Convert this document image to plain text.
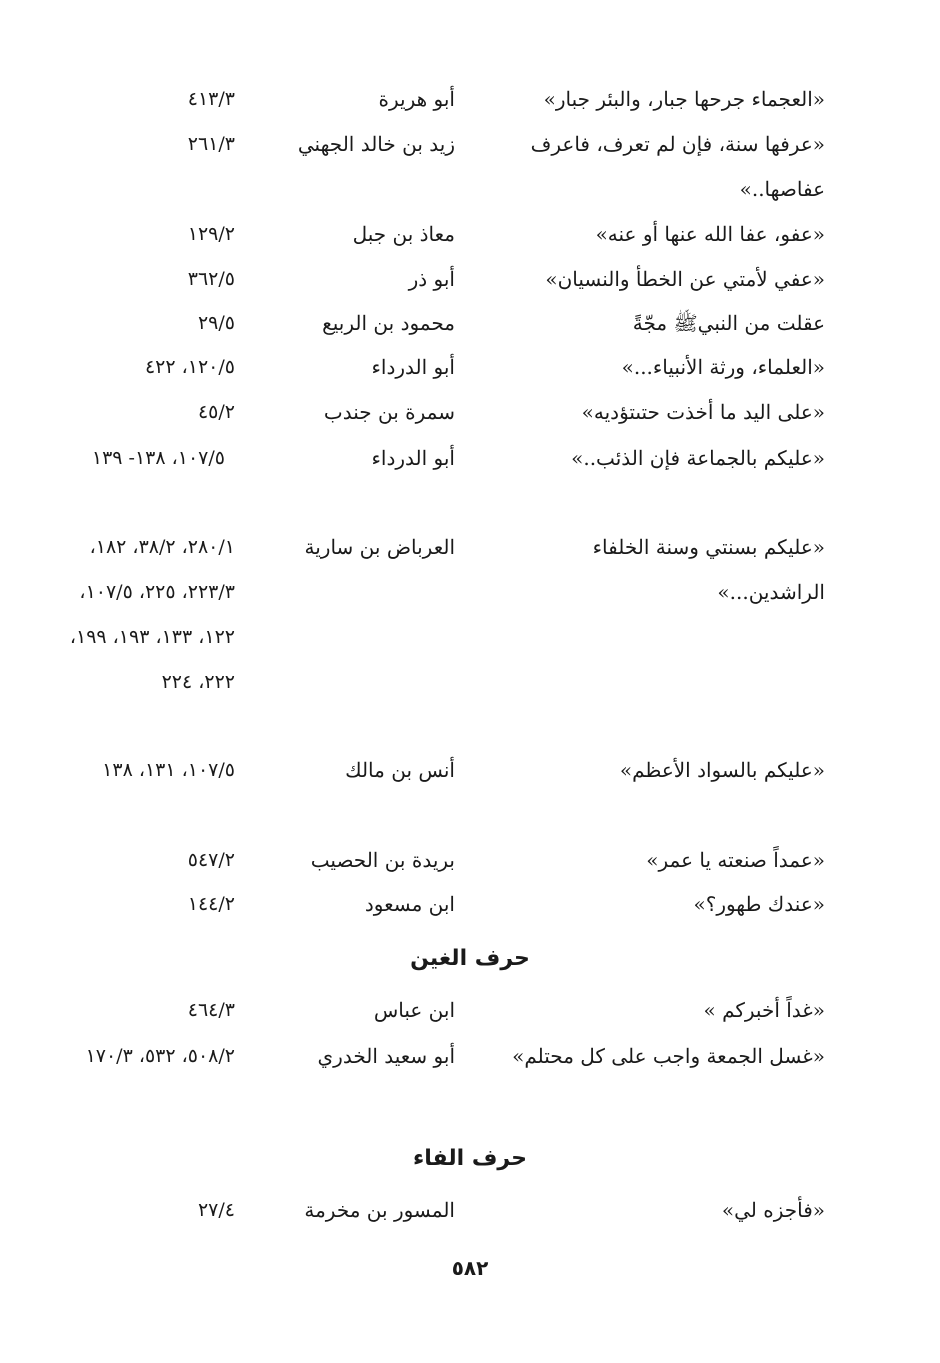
«العجماء جرحها جبار، والبئر جبار»
أبو هريرة
٤١٣/٣
«عرفها سنة، فإن لم تعرف، فاعرف عفاصها..»
زيد بن خالد الجهني
٢٦١/٣
«عفو، عفا الله عنها أو عنه»
معاذ بن جبل
١٢٩/٢
«عفي لأمتي عن الخطأ والنسيان»
أبو ذر
٣٦٢/٥
عقلت من النبيﷺ مجّةً
محمود بن الربيع
٢٩/٥
«العلماء، ورثة الأنبياء...»
أبو الدرداء
١٢٠/٥، ٤٢٢
«على اليد ما أخذت حتىتؤديه»
سمرة بن جندب
٤٥/٢
«عليكم بالجماعة فإن الذئب..»
أبو الدرداء
١٠٧/٥، ١٣٨- ١٣٩
«عليكم بسنتي وسنة الخلفاء الراشدين...»
العرباض بن سارية
٢٨٠/١، ٣٨/٢، ١٨٢، ٢٢٣/٣، ٢٢٥، ١٠٧/٥، ١٢٢، ١٣٣، ١٩٣، ١٩٩، ٢٢٢، ٢٢٤
«عليكم بالسواد الأعظم»
أنس بن مالك
١٠٧/٥، ١٣١، ١٣٨
«عمداً صنعته يا عمر»
بريدة بن الحصيب
٥٤٧/٢
«عندك طهور؟»
ابن مسعود
١٤٤/٢
حرف الغين
«غداً أخبركم »
ابن عباس
٤٦٤/٣
«غسل الجمعة واجب على كل محتلم»
أبو سعيد الخدري
٥٠٨/٢، ٥٣٢، ١٧٠/٣
حرف الفاء
«فأجزه لي»
المسور بن مخرمة
٢٧/٤
٥٨٢
